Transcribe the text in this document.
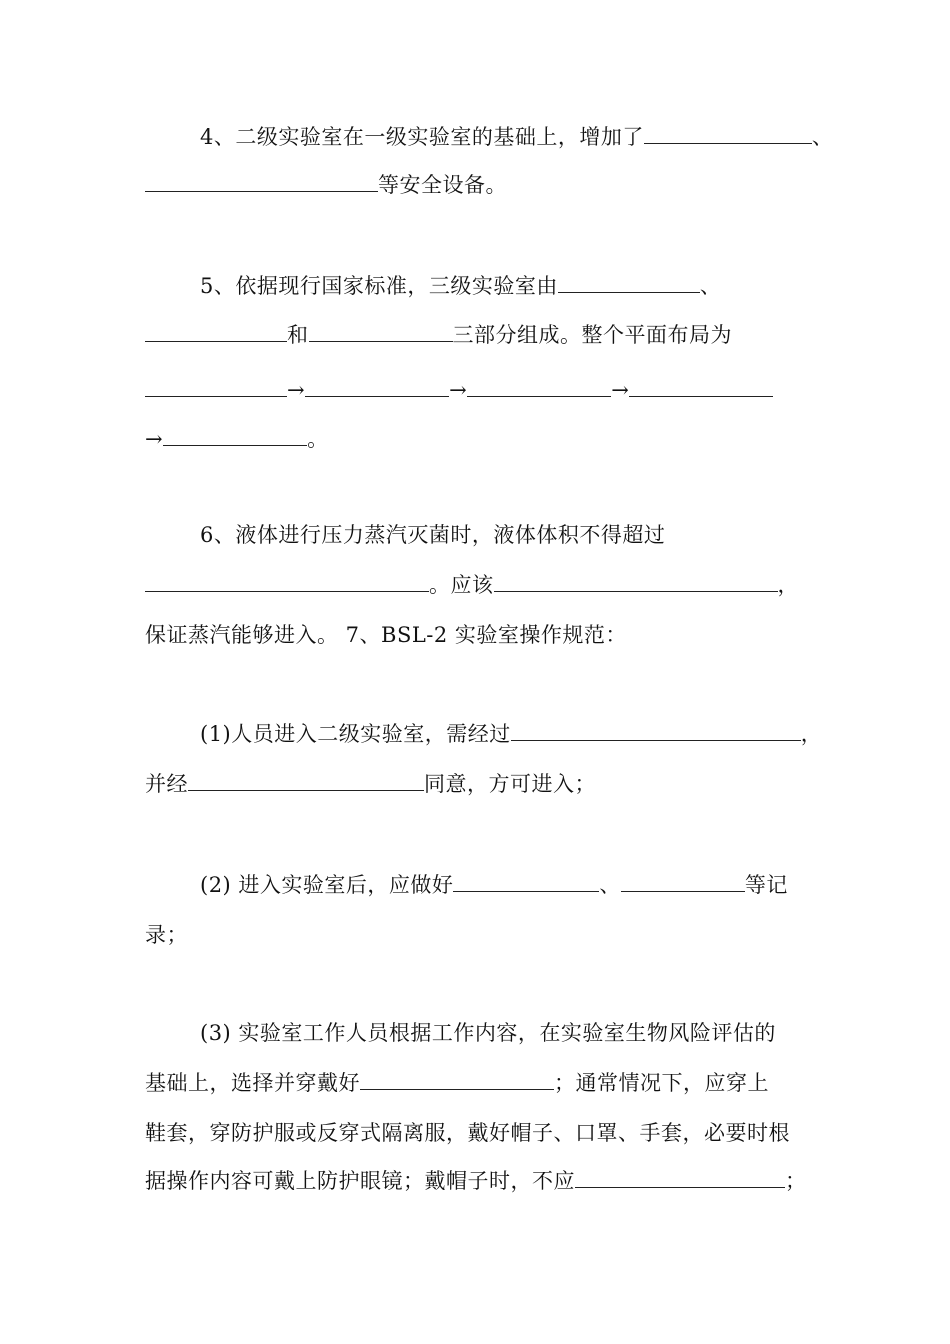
4、二级实验室在一级实验室的基础上，增加了	、
等安全设备。
5、依据现行国家标准，三级实验室由	、
和	三部分组成。整个平面布局为
→	→	→
→	。
6、液体进行压力蒸汽灭菌时，液体体积不得超过
。应该	，
保证蒸汽能够进入。 7、BSL-2 实验室操作规范：
(1)人员进入二级实验室，需经过	，
并经	同意，方可进入；
(2) 进入实验室后，应做好	、	等记
录；
(3) 实验室工作人员根据工作内容，在实验室生物风险评估的
基础上，选择并穿戴好	；通常情况下，应穿上
鞋套，穿防护服或反穿式隔离服，戴好帽子、口罩、手套，必要时根
据操作内容可戴上防护眼镜；戴帽子时，不应	；
